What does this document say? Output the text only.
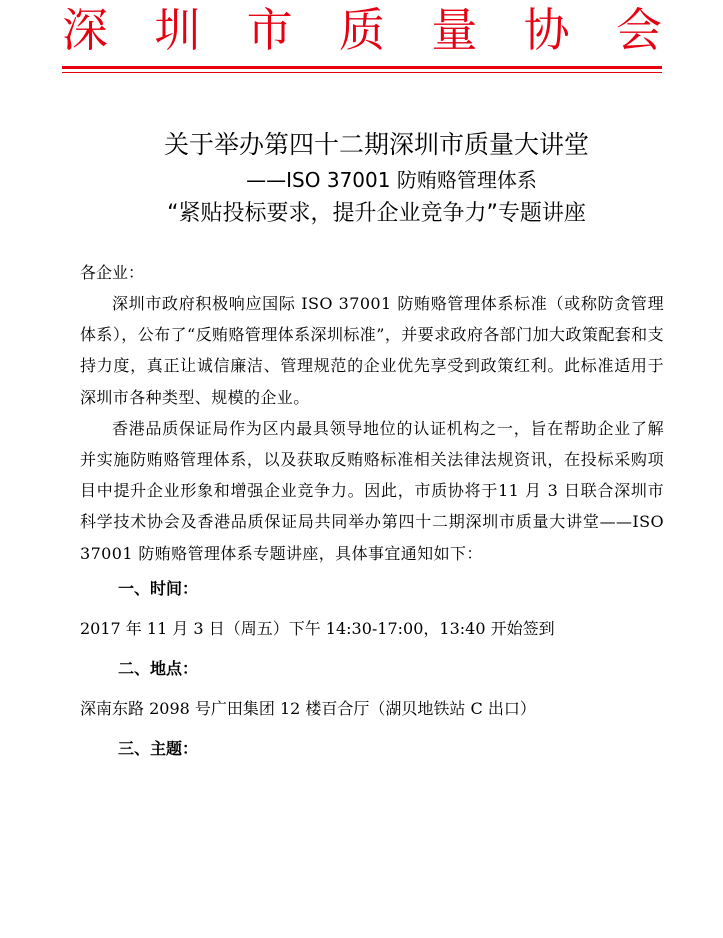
深 圳 市 质 量 协 会
关于举办第四十二期深圳市质量大讲堂
——ISO 37001 防贿赂管理体系
“紧贴投标要求，提升企业竞争力”专题讲座

各企业：

深圳市政府积极响应国际 ISO 37001 防贿赂管理体系标准（或称防贪管理体系），公布了“反贿赂管理体系深圳标准”，并要求政府各部门加大政策配套和支持力度，真正让诚信廉洁、管理规范的企业优先享受到政策红利。此标准适用于深圳市各种类型、规模的企业。

香港品质保证局作为区内最具领导地位的认证机构之一，旨在帮助企业了解并实施防贿赂管理体系，以及获取反贿赂标准相关法律法规资讯，在投标采购项目中提升企业形象和增强企业竞争力。因此，市质协将于11 月 3 日联合深圳市科学技术协会及香港品质保证局共同举办第四十二期深圳市质量大讲堂——ISO 37001 防贿赂管理体系专题讲座，具体事宜通知如下：

一、时间：

2017 年 11 月 3 日（周五）下午 14:30-17:00，13:40 开始签到

二、地点：

深南东路 2098 号广田集团 12 楼百合厅（湖贝地铁站 C 出口）

三、主题：
